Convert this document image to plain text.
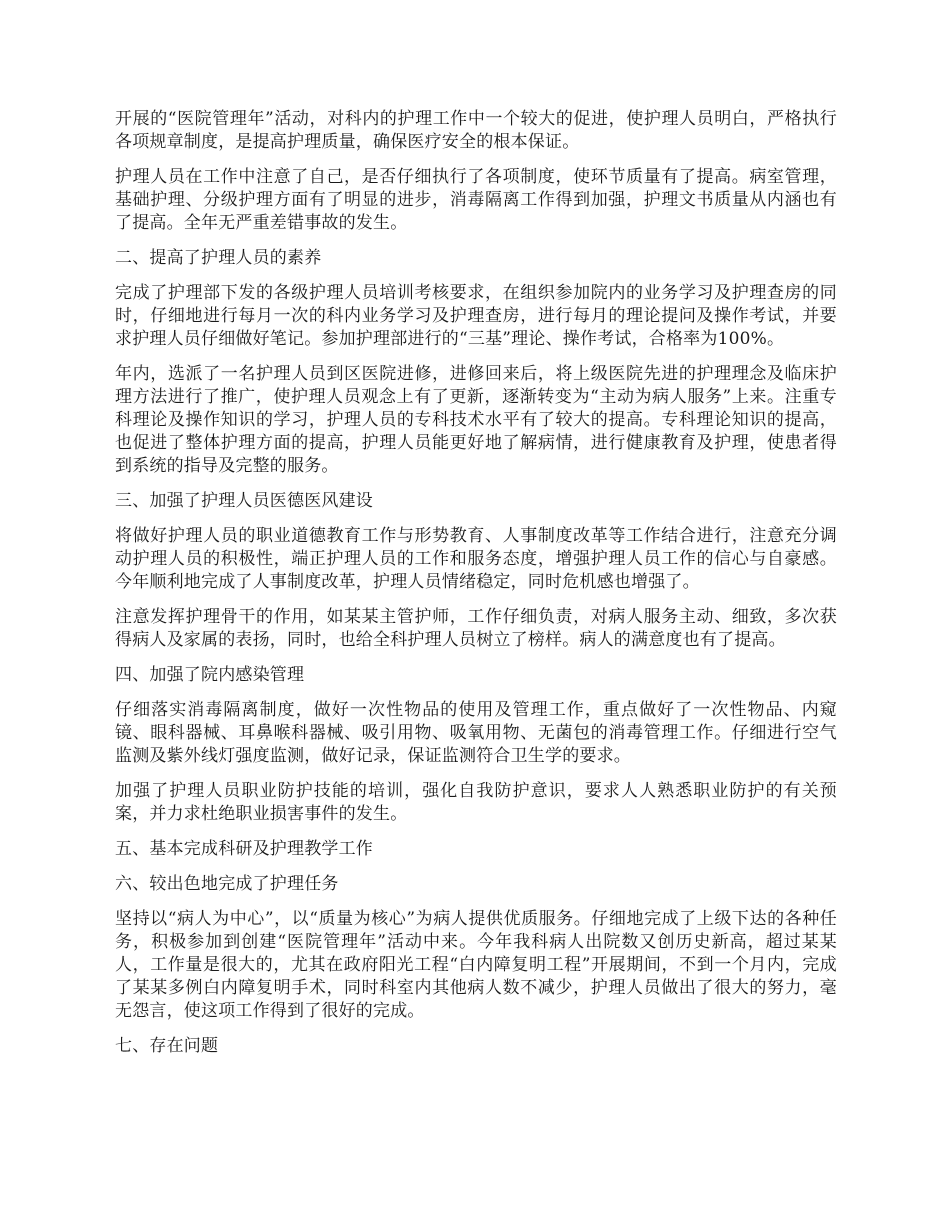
开展的“医院管理年”活动，对科内的护理工作中一个较大的促进，使护理人员明白，严格执行各项规章制度，是提高护理质量，确保医疗安全的根本保证。

护理人员在工作中注意了自己，是否仔细执行了各项制度，使环节质量有了提高。病室管理，基础护理、分级护理方面有了明显的进步，消毒隔离工作得到加强，护理文书质量从内涵也有了提高。全年无严重差错事故的发生。

二、提高了护理人员的素养

完成了护理部下发的各级护理人员培训考核要求，在组织参加院内的业务学习及护理查房的同时，仔细地进行每月一次的科内业务学习及护理查房，进行每月的理论提问及操作考试，并要求护理人员仔细做好笔记。参加护理部进行的“三基”理论、操作考试，合格率为100%。

年内，选派了一名护理人员到区医院进修，进修回来后，将上级医院先进的护理理念及临床护理方法进行了推广，使护理人员观念上有了更新，逐渐转变为“主动为病人服务”上来。注重专科理论及操作知识的学习，护理人员的专科技术水平有了较大的提高。专科理论知识的提高，也促进了整体护理方面的提高，护理人员能更好地了解病情，进行健康教育及护理，使患者得到系统的指导及完整的服务。

三、加强了护理人员医德医风建设

将做好护理人员的职业道德教育工作与形势教育、人事制度改革等工作结合进行，注意充分调动护理人员的积极性，端正护理人员的工作和服务态度，增强护理人员工作的信心与自豪感。今年顺利地完成了人事制度改革，护理人员情绪稳定，同时危机感也增强了。

注意发挥护理骨干的作用，如某某主管护师，工作仔细负责，对病人服务主动、细致，多次获得病人及家属的表扬，同时，也给全科护理人员树立了榜样。病人的满意度也有了提高。

四、加强了院内感染管理

仔细落实消毒隔离制度，做好一次性物品的使用及管理工作，重点做好了一次性物品、内窥镜、眼科器械、耳鼻喉科器械、吸引用物、吸氧用物、无菌包的消毒管理工作。仔细进行空气监测及紫外线灯强度监测，做好记录，保证监测符合卫生学的要求。

加强了护理人员职业防护技能的培训，强化自我防护意识，要求人人熟悉职业防护的有关预案，并力求杜绝职业损害事件的发生。

五、基本完成科研及护理教学工作

六、较出色地完成了护理任务

坚持以“病人为中心”，以“质量为核心”为病人提供优质服务。仔细地完成了上级下达的各种任务，积极参加到创建“医院管理年”活动中来。今年我科病人出院数又创历史新高，超过某某人，工作量是很大的，尤其在政府阳光工程“白内障复明工程”开展期间，不到一个月内，完成了某某多例白内障复明手术，同时科室内其他病人数不减少，护理人员做出了很大的努力，毫无怨言，使这项工作得到了很好的完成。

七、存在问题
